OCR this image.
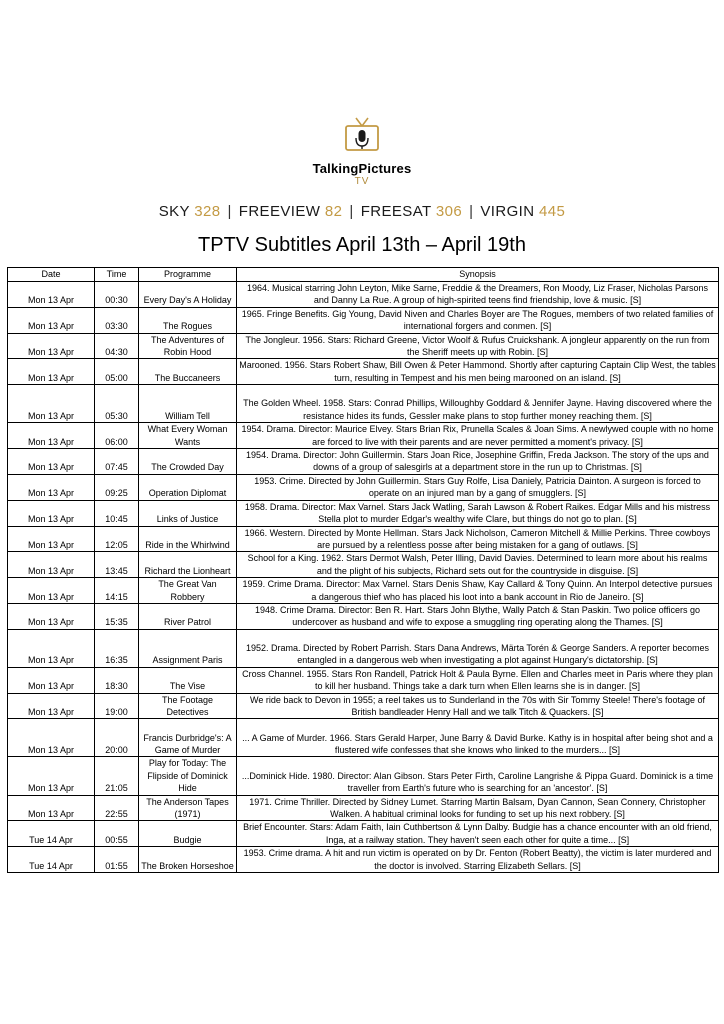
TalkingPictures
TV
SKY 328 | FREEVIEW 82 | FREESAT 306 | VIRGIN 445
TPTV Subtitles April 13th – April 19th
Date	Time	Programme	Synopsis
Mon 13 Apr	00:30	Every Day's A Holiday	1964. Musical starring John Leyton, Mike Sarne, Freddie & the Dreamers, Ron Moody, Liz Fraser, Nicholas Parsons and Danny La Rue. A group of high-spirited teens find friendship, love & music. [S]
Mon 13 Apr	03:30	The Rogues	1965. Fringe Benefits. Gig Young, David Niven and Charles Boyer are The Rogues, members of two related families of international forgers and conmen. [S]
Mon 13 Apr	04:30	The Adventures of Robin Hood	The Jongleur. 1956. Stars: Richard Greene, Victor Woolf & Rufus Cruickshank. A jongleur apparently on the run from the Sheriff meets up with Robin. [S]
Mon 13 Apr	05:00	The Buccaneers	Marooned. 1956. Stars Robert Shaw, Bill Owen & Peter Hammond. Shortly after capturing Captain Clip West, the tables turn, resulting in Tempest and his men being marooned on an island. [S]
Mon 13 Apr	05:30	William Tell	The Golden Wheel. 1958. Stars: Conrad Phillips, Willoughby Goddard & Jennifer Jayne. Having discovered where the resistance hides its funds, Gessler make plans to stop further money reaching them. [S]
Mon 13 Apr	06:00	What Every Woman Wants	1954. Drama. Director: Maurice Elvey. Stars Brian Rix, Prunella Scales & Joan Sims. A newlywed couple with no home are forced to live with their parents and are never permitted a moment's privacy. [S]
Mon 13 Apr	07:45	The Crowded Day	1954. Drama. Director: John Guillermin. Stars Joan Rice, Josephine Griffin, Freda Jackson. The story of the ups and downs of a group of salesgirls at a department store in the run up to Christmas. [S]
Mon 13 Apr	09:25	Operation Diplomat	1953. Crime. Directed by John Guillermin. Stars Guy Rolfe, Lisa Daniely, Patricia Dainton. A surgeon is forced to operate on an injured man by a gang of smugglers. [S]
Mon 13 Apr	10:45	Links of Justice	1958. Drama. Director: Max Varnel. Stars Jack Watling, Sarah Lawson & Robert Raikes. Edgar Mills and his mistress Stella plot to murder Edgar's wealthy wife Clare, but things do not go to plan. [S]
Mon 13 Apr	12:05	Ride in the Whirlwind	1966. Western. Directed by Monte Hellman. Stars Jack Nicholson, Cameron Mitchell & Millie Perkins. Three cowboys are pursued by a relentless posse after being mistaken for a gang of outlaws. [S]
Mon 13 Apr	13:45	Richard the Lionheart	School for a King. 1962. Stars Dermot Walsh, Peter Illing, David Davies. Determined to learn more about his realms and the plight of his subjects, Richard sets out for the countryside in disguise. [S]
Mon 13 Apr	14:15	The Great Van Robbery	1959. Crime Drama. Director: Max Varnel. Stars Denis Shaw, Kay Callard & Tony Quinn. An Interpol detective pursues a dangerous thief who has placed his loot into a bank account in Rio de Janeiro. [S]
Mon 13 Apr	15:35	River Patrol	1948. Crime Drama. Director: Ben R. Hart. Stars John Blythe, Wally Patch & Stan Paskin. Two police officers go undercover as husband and wife to expose a smuggling ring operating along the Thames. [S]
Mon 13 Apr	16:35	Assignment Paris	1952. Drama. Directed by Robert Parrish. Stars Dana Andrews, Märta Torén & George Sanders. A reporter becomes entangled in a dangerous web when investigating a plot against Hungary's dictatorship. [S]
Mon 13 Apr	18:30	The Vise	Cross Channel. 1955. Stars Ron Randell, Patrick Holt & Paula Byrne. Ellen and Charles meet in Paris where they plan to kill her husband. Things take a dark turn when Ellen learns she is in danger. [S]
Mon 13 Apr	19:00	The Footage Detectives	We ride back to Devon in 1955; a reel takes us to Sunderland in the 70s with Sir Tommy Steele! There's footage of British bandleader Henry Hall and we talk Titch & Quackers. [S]
Mon 13 Apr	20:00	Francis Durbridge's: A Game of Murder	... A Game of Murder. 1966. Stars Gerald Harper, June Barry & David Burke. Kathy is in hospital after being shot and a flustered wife confesses that she knows who linked to the murders... [S]
Mon 13 Apr	21:05	Play for Today: The Flipside of Dominick Hide	...Dominick Hide. 1980. Director: Alan Gibson. Stars Peter Firth, Caroline Langrishe & Pippa Guard. Dominick is a time traveller from Earth's future who is searching for an 'ancestor'. [S]
Mon 13 Apr	22:55	The Anderson Tapes (1971)	1971. Crime Thriller. Directed by Sidney Lumet. Starring Martin Balsam, Dyan Cannon, Sean Connery, Christopher Walken. A habitual criminal looks for funding to set up his next robbery. [S]
Tue 14 Apr	00:55	Budgie	Brief Encounter. Stars: Adam Faith, Iain Cuthbertson & Lynn Dalby. Budgie has a chance encounter with an old friend, Inga, at a railway station. They haven't seen each other for quite a time... [S]
Tue 14 Apr	01:55	The Broken Horseshoe	1953. Crime drama. A hit and run victim is operated on by Dr. Fenton (Robert Beatty), the victim is later murdered and the doctor is involved. Starring Elizabeth Sellars. [S]
